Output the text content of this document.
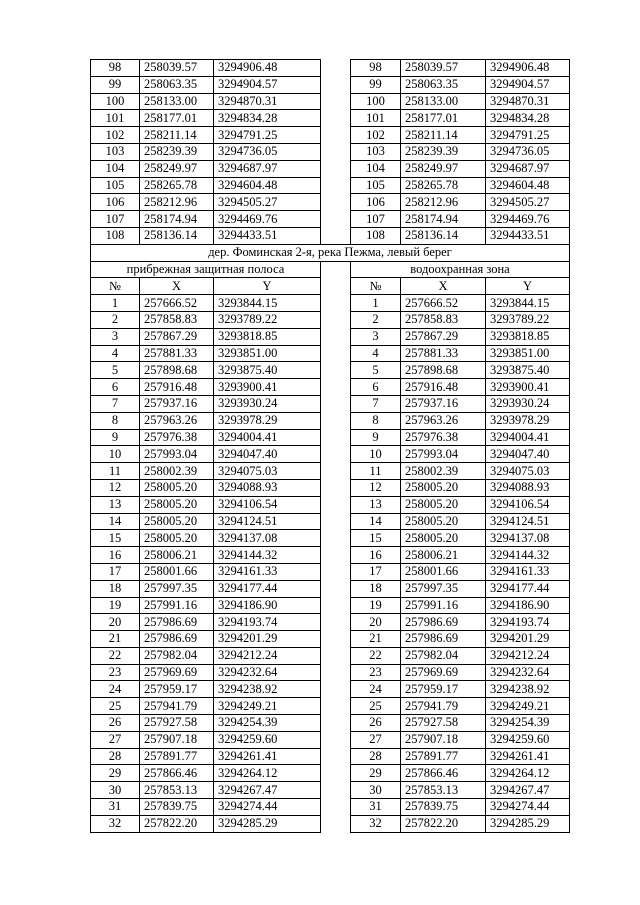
98	258039.57	3294906.48		98	258039.57	3294906.48
99	258063.35	3294904.57		99	258063.35	3294904.57
100	258133.00	3294870.31		100	258133.00	3294870.31
101	258177.01	3294834.28		101	258177.01	3294834.28
102	258211.14	3294791.25		102	258211.14	3294791.25
103	258239.39	3294736.05		103	258239.39	3294736.05
104	258249.97	3294687.97		104	258249.97	3294687.97
105	258265.78	3294604.48		105	258265.78	3294604.48
106	258212.96	3294505.27		106	258212.96	3294505.27
107	258174.94	3294469.76		107	258174.94	3294469.76
108	258136.14	3294433.51		108	258136.14	3294433.51
дер. Фоминская 2-я, река Пежма, левый берег						
прибрежная защитная полоса				водоохранная зона		
№	X	Y		№	X	Y
1	257666.52	3293844.15		1	257666.52	3293844.15
2	257858.83	3293789.22		2	257858.83	3293789.22
3	257867.29	3293818.85		3	257867.29	3293818.85
4	257881.33	3293851.00		4	257881.33	3293851.00
5	257898.68	3293875.40		5	257898.68	3293875.40
6	257916.48	3293900.41		6	257916.48	3293900.41
7	257937.16	3293930.24		7	257937.16	3293930.24
8	257963.26	3293978.29		8	257963.26	3293978.29
9	257976.38	3294004.41		9	257976.38	3294004.41
10	257993.04	3294047.40		10	257993.04	3294047.40
11	258002.39	3294075.03		11	258002.39	3294075.03
12	258005.20	3294088.93		12	258005.20	3294088.93
13	258005.20	3294106.54		13	258005.20	3294106.54
14	258005.20	3294124.51		14	258005.20	3294124.51
15	258005.20	3294137.08		15	258005.20	3294137.08
16	258006.21	3294144.32		16	258006.21	3294144.32
17	258001.66	3294161.33		17	258001.66	3294161.33
18	257997.35	3294177.44		18	257997.35	3294177.44
19	257991.16	3294186.90		19	257991.16	3294186.90
20	257986.69	3294193.74		20	257986.69	3294193.74
21	257986.69	3294201.29		21	257986.69	3294201.29
22	257982.04	3294212.24		22	257982.04	3294212.24
23	257969.69	3294232.64		23	257969.69	3294232.64
24	257959.17	3294238.92		24	257959.17	3294238.92
25	257941.79	3294249.21		25	257941.79	3294249.21
26	257927.58	3294254.39		26	257927.58	3294254.39
27	257907.18	3294259.60		27	257907.18	3294259.60
28	257891.77	3294261.41		28	257891.77	3294261.41
29	257866.46	3294264.12		29	257866.46	3294264.12
30	257853.13	3294267.47		30	257853.13	3294267.47
31	257839.75	3294274.44		31	257839.75	3294274.44
32	257822.20	3294285.29		32	257822.20	3294285.29
